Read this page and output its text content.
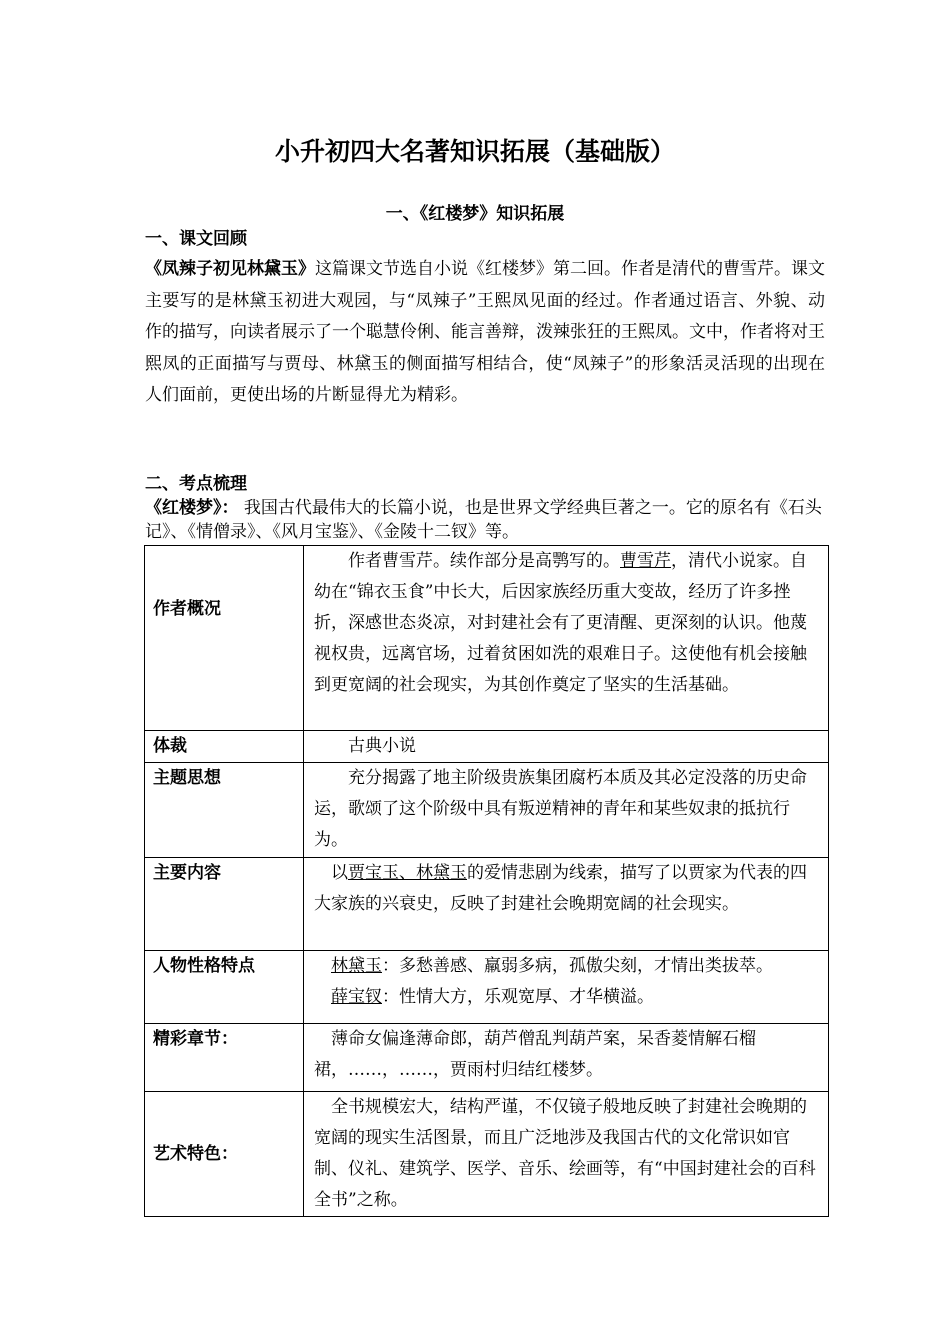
小升初四大名著知识拓展（基础版）
一、《红楼梦》知识拓展
一、课文回顾
《凤辣子初见林黛玉》这篇课文节选自小说《红楼梦》第二回。作者是清代的曹雪芹。课文主要写的是林黛玉初进大观园，与“凤辣子”王熙凤见面的经过。作者通过语言、外貌、动作的描写，向读者展示了一个聪慧伶俐、能言善辩，泼辣张狂的王熙凤。文中，作者将对王熙凤的正面描写与贾母、林黛玉的侧面描写相结合，使“凤辣子”的形象活灵活现的出现在人们面前，更使出场的片断显得尤为精彩。
二、考点梳理
《红楼梦》： 我国古代最伟大的长篇小说，也是世界文学经典巨著之一。它的原名有《石头记》、《情僧录》、《风月宝鉴》、《金陵十二钗》等。
作者概况	作者曹雪芹。续作部分是高鹗写的。曹雪芹，清代小说家。自幼在“锦衣玉食”中长大，后因家族经历重大变故，经历了许多挫折，深感世态炎凉，对封建社会有了更清醒、更深刻的认识。他蔑视权贵，远离官场，过着贫困如洗的艰难日子。这使他有机会接触到更宽阔的社会现实，为其创作奠定了坚实的生活基础。
体裁	古典小说
主题思想	充分揭露了地主阶级贵族集团腐朽本质及其必定没落的历史命运，歌颂了这个阶级中具有叛逆精神的青年和某些奴隶的抵抗行为。
主要内容	以贾宝玉、林黛玉的爱情悲剧为线索，描写了以贾家为代表的四大家族的兴衰史，反映了封建社会晚期宽阔的社会现实。
人物性格特点	林黛玉：多愁善感、羸弱多病，孤傲尖刻，才情出类拔萃。
薛宝钗：性情大方，乐观宽厚、才华横溢。

精彩章节：	薄命女偏逢薄命郎，葫芦僧乱判葫芦案，呆香菱情解石榴裙，……，……，贾雨村归结红楼梦。
艺术特色：	全书规模宏大，结构严谨，不仅镜子般地反映了封建社会晚期的宽阔的现实生活图景，而且广泛地涉及我国古代的文化常识如官制、仪礼、建筑学、医学、音乐、绘画等，有“中国封建社会的百科全书”之称。
